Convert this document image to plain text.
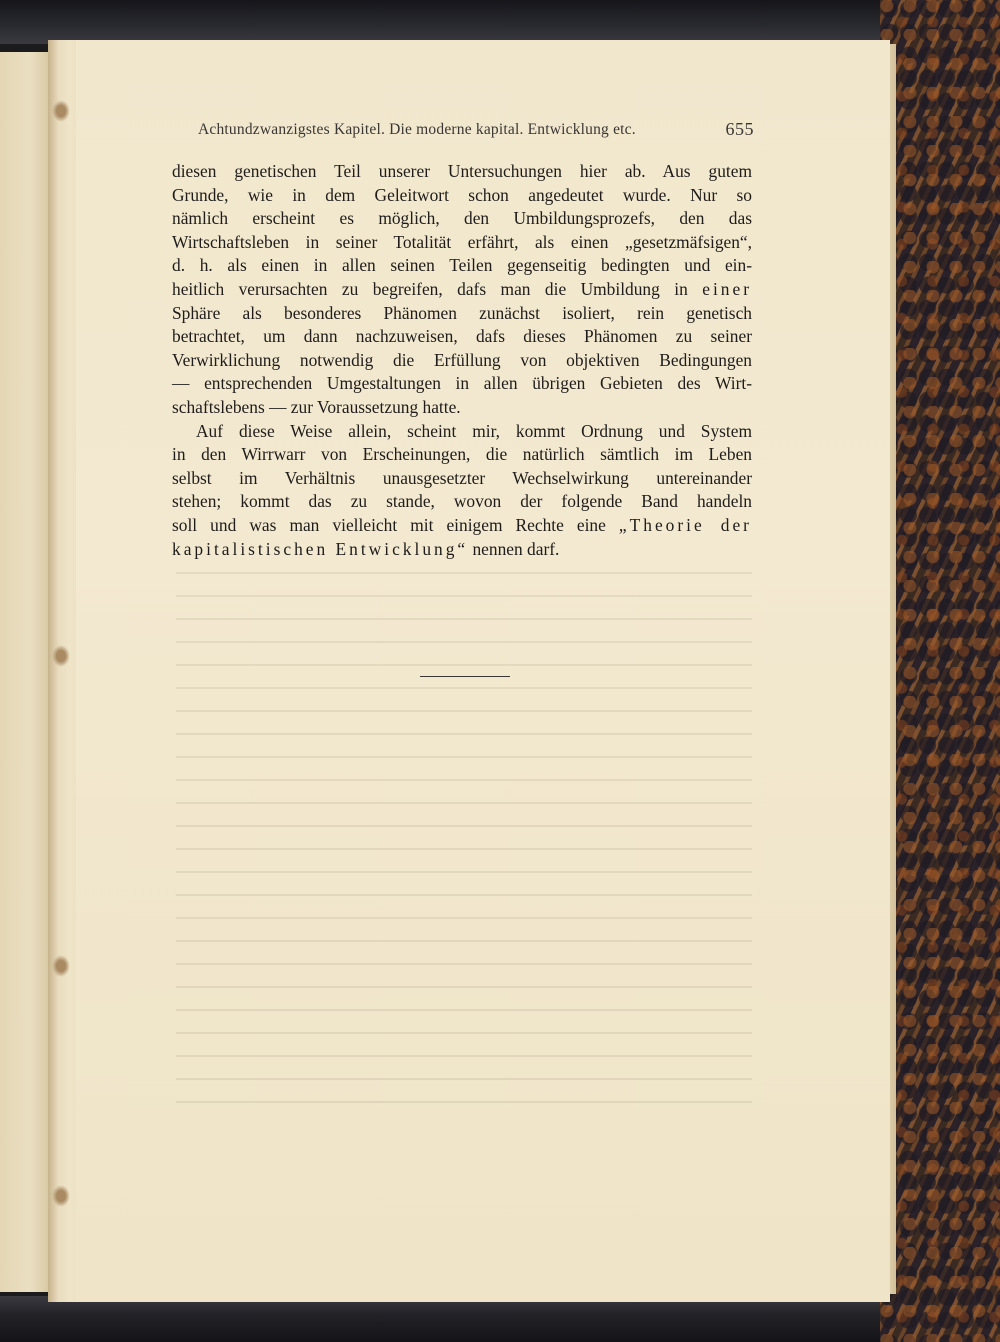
Achtundzwanzigstes Kapitel. Die moderne kapital. Entwicklung etc.	655
diesen genetischen Teil unserer Untersuchungen hier ab. Aus gutem
Grunde, wie in dem Geleitwort schon angedeutet wurde. Nur so
nämlich erscheint es möglich, den Umbildungsprozefs, den das
Wirtschaftsleben in seiner Totalität erfährt, als einen „gesetzmäfsigen“,
d. h. als einen in allen seinen Teilen gegenseitig bedingten und ein-
heitlich verursachten zu begreifen, dafs man die Umbildung in einer
Sphäre als besonderes Phänomen zunächst isoliert, rein genetisch
betrachtet, um dann nachzuweisen, dafs dieses Phänomen zu seiner
Verwirklichung notwendig die Erfüllung von objektiven Bedingungen
— entsprechenden Umgestaltungen in allen übrigen Gebieten des Wirt-
schaftslebens — zur Voraussetzung hatte.
Auf diese Weise allein, scheint mir, kommt Ordnung und System
in den Wirrwarr von Erscheinungen, die natürlich sämtlich im Leben
selbst im Verhältnis unausgesetzter Wechselwirkung untereinander
stehen; kommt das zu stande, wovon der folgende Band handeln
soll und was man vielleicht mit einigem Rechte eine „Theorie der
kapitalistischen Entwicklung“ nennen darf.
